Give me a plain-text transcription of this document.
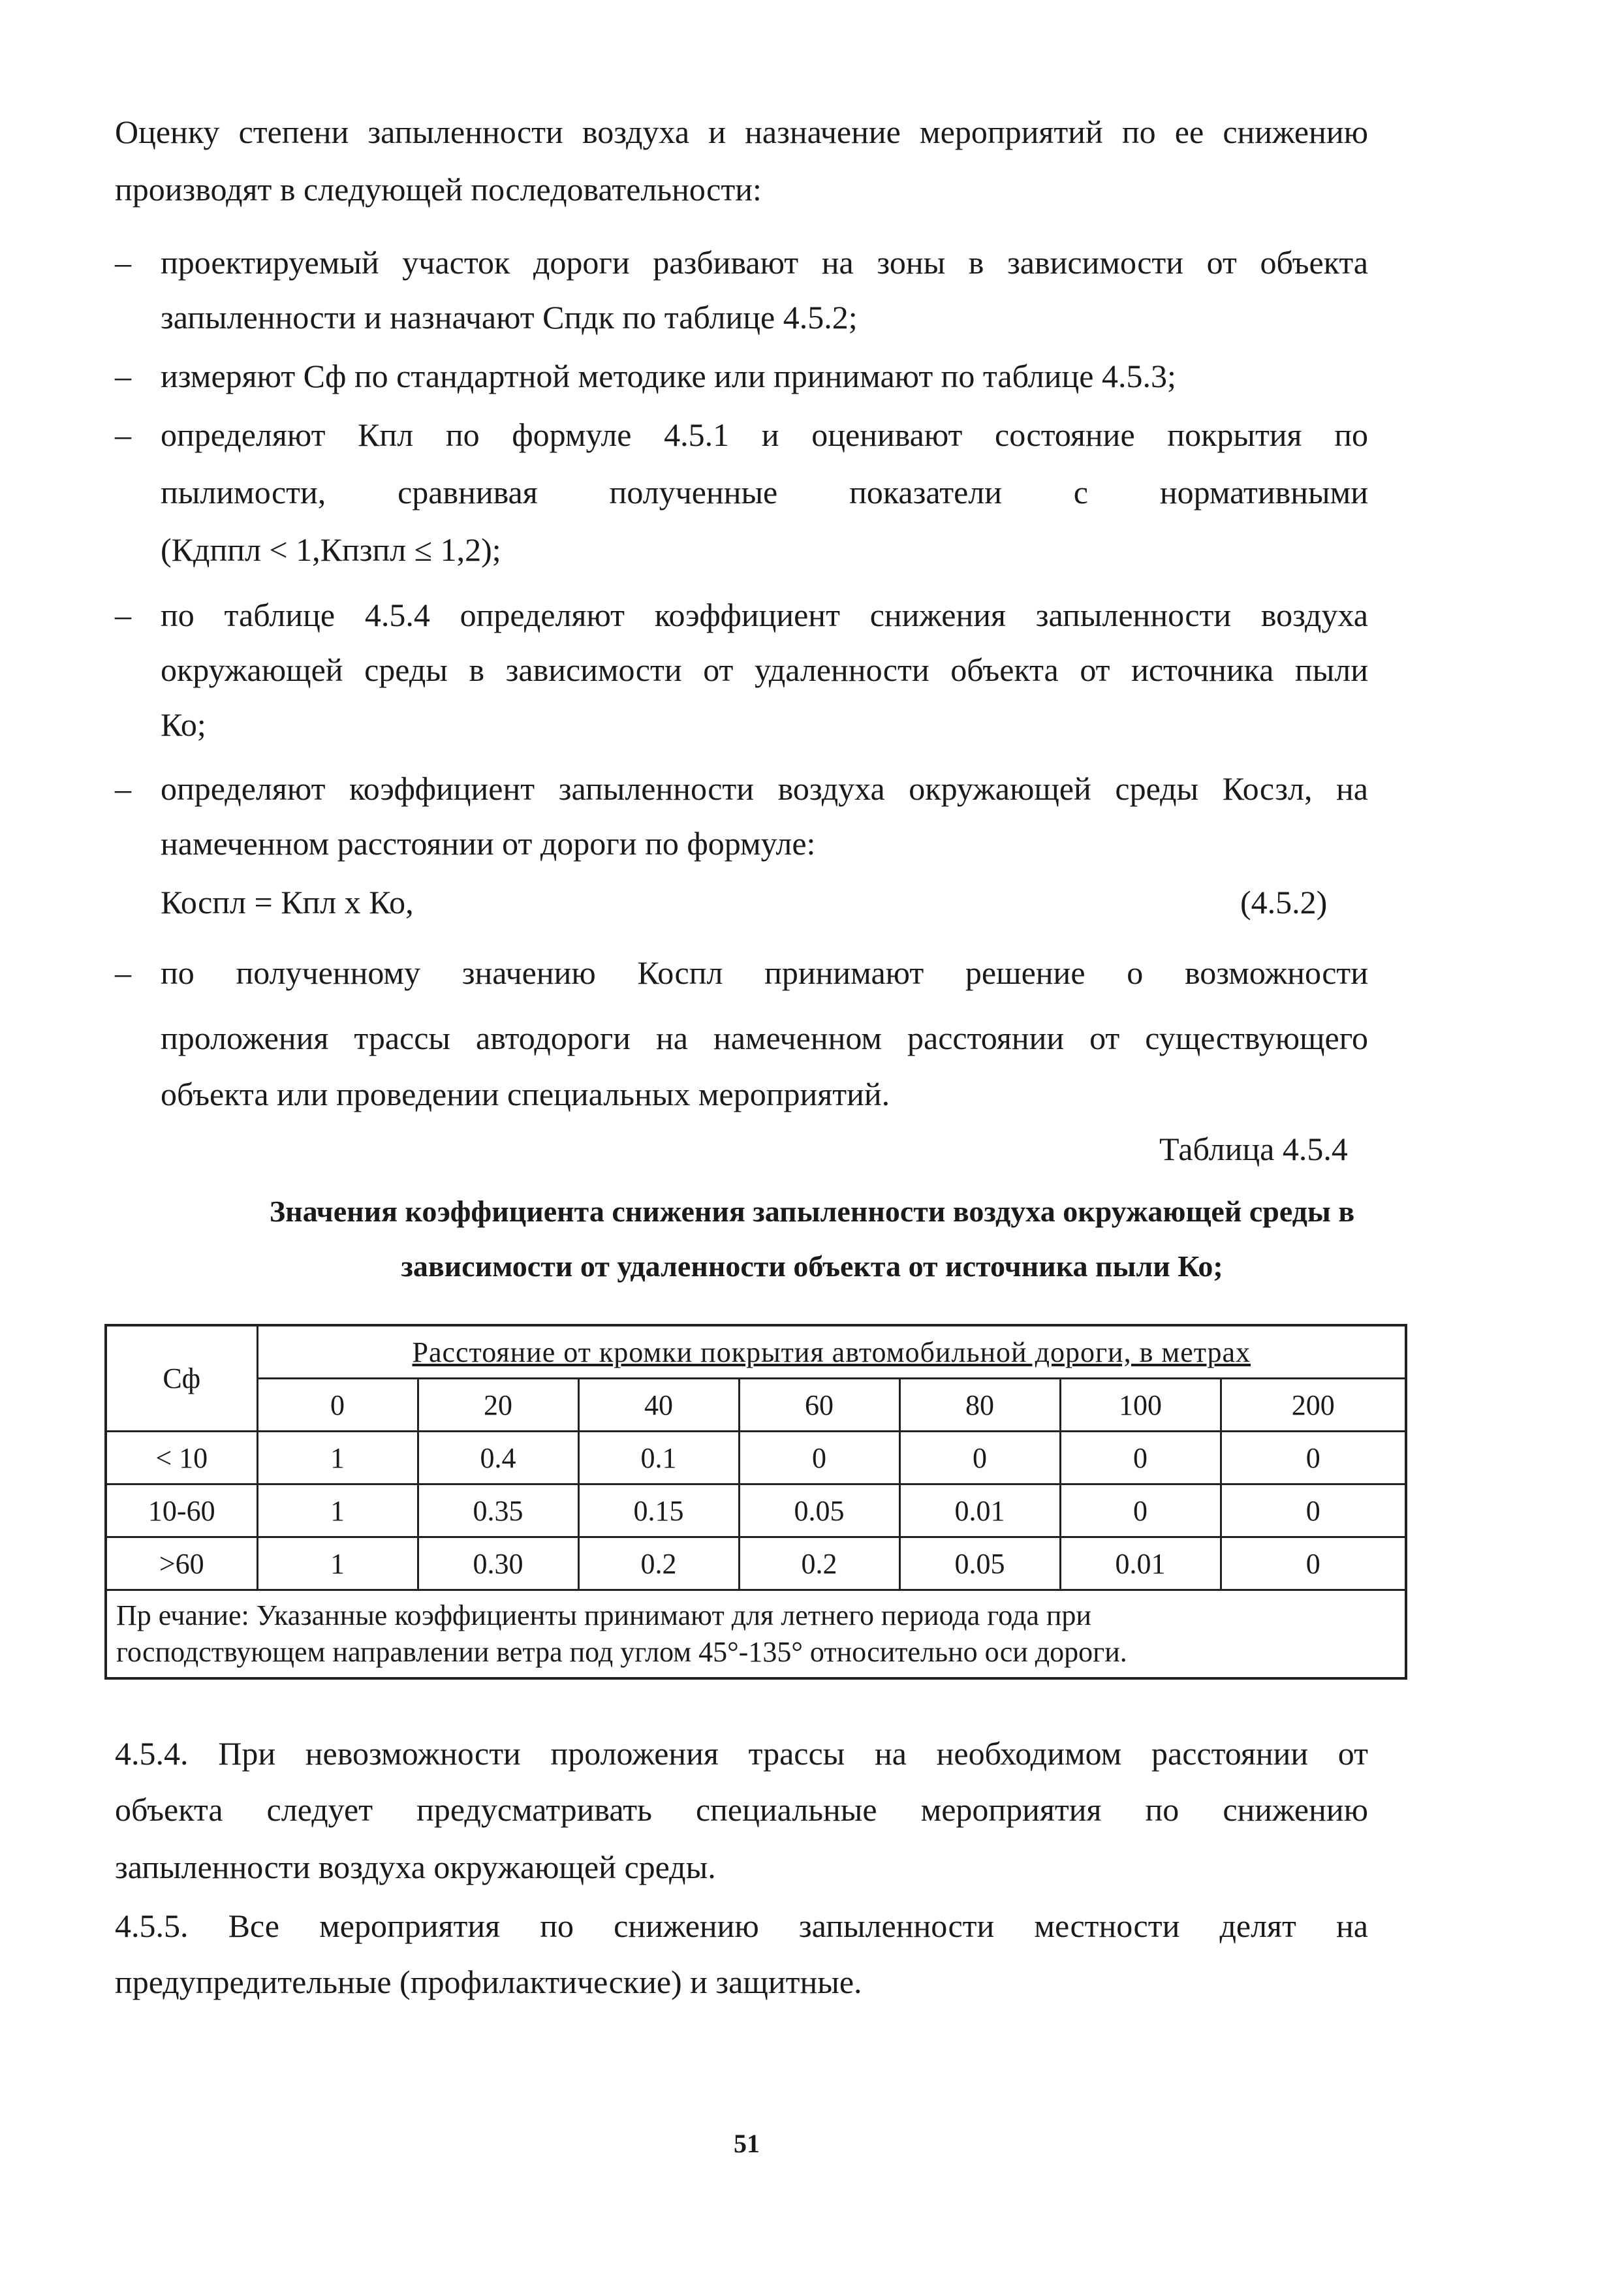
Оценку степени запыленности воздуха и назначение мероприятий по ее снижению
производят в следующей последовательности:
– проектируемый участок дороги разбивают на зоны в зависимости от объекта
запыленности и назначают Cпдк по таблице 4.5.2;
– измеряют Сф по стандартной методике или принимают по таблице 4.5.3;
– определяют Кпл по формуле 4.5.1 и оценивают состояние покрытия по
пылимости, сравнивая полученные показатели с нормативными
(Кдппл < 1,Кпзпл ≤ 1,2);
– по таблице 4.5.4 определяют коэффициент снижения запыленности воздуха
окружающей среды в зависимости от удаленности объекта от источника пыли
Ко;
– определяют коэффициент запыленности воздуха окружающей среды Косзл, на
намеченном расстоянии от дороги по формуле:
Коспл = Кпл х Ко,	(4.5.2)
– по полученному значению Коспл принимают решение о возможности
проложения трассы автодороги на намеченном расстоянии от существующего
объекта или проведении специальных мероприятий.
Таблица 4.5.4
Значения коэффициента снижения запыленности воздуха окружающей среды в
зависимости от удаленности объекта от источника пыли Ко;
Сф	Расстояние от кромки покрытия автомобильной дороги, в метрах						
	0	20	40	60	80	100	200
< 10	1	0.4	0.1	0	0	0	0
10-60	1	0.35	0.15	0.05	0.01	0	0
>60	1	0.30	0.2	0.2	0.05	0.01	0

Пр ечание: Указанные коэффициенты принимают для летнего периода года при
господствующем направлении ветра под углом 45°-135° относительно оси дороги.							
4.5.4. При невозможности проложения трассы на необходимом расстоянии от
объекта следует предусматривать специальные мероприятия по снижению
запыленности воздуха окружающей среды.
4.5.5. Все мероприятия по снижению запыленности местности делят на
предупредительные (профилактические) и защитные.
51
